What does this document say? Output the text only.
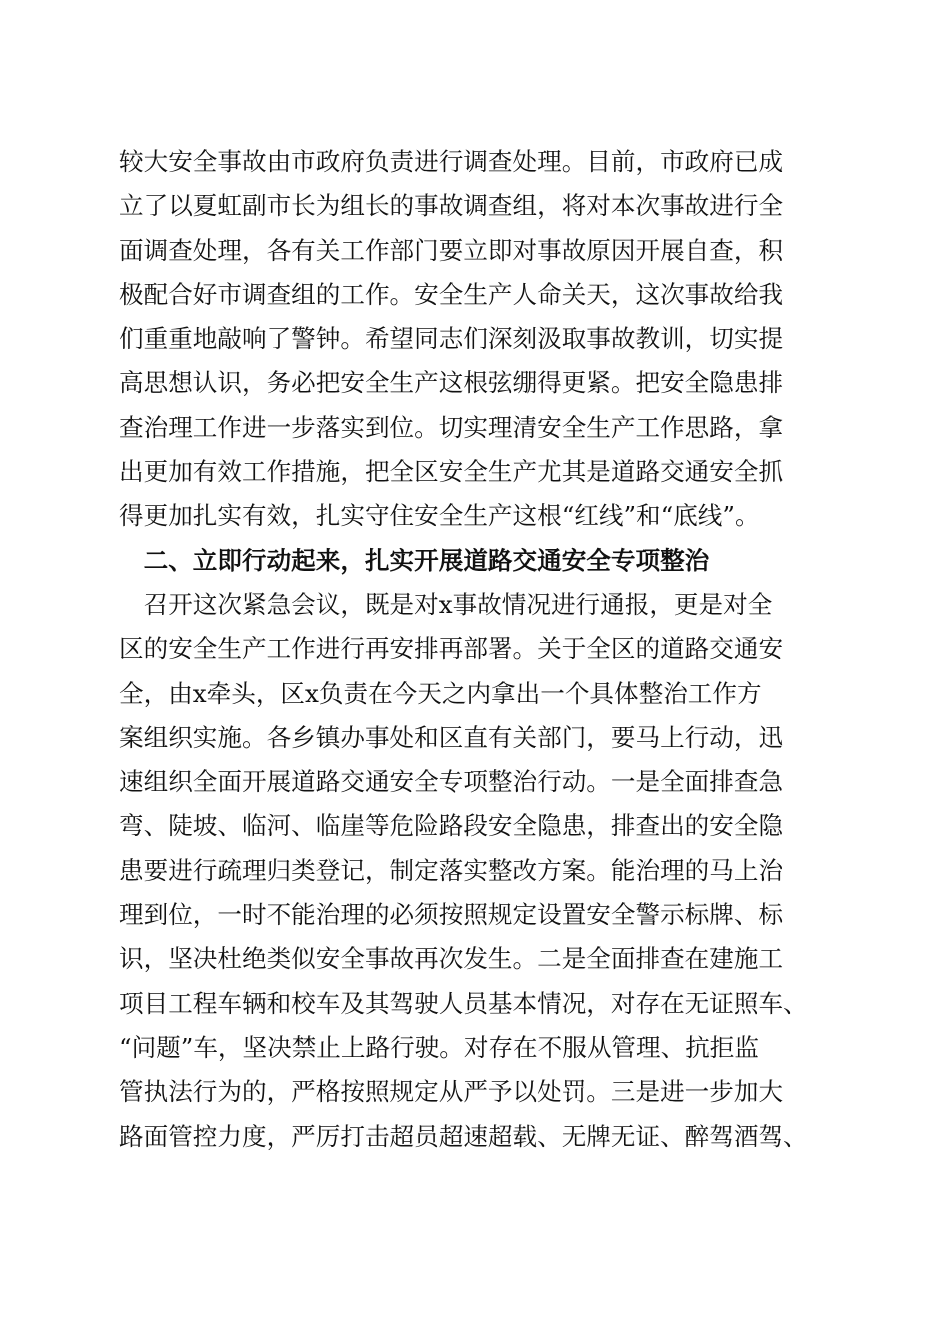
较大安全事故由市政府负责进行调查处理。目前，市政府已成
立了以夏虹副市长为组长的事故调查组，将对本次事故进行全
面调查处理，各有关工作部门要立即对事故原因开展自查，积
极配合好市调查组的工作。安全生产人命关天，这次事故给我
们重重地敲响了警钟。希望同志们深刻汲取事故教训，切实提
高思想认识，务必把安全生产这根弦绷得更紧。把安全隐患排
查治理工作进一步落实到位。切实理清安全生产工作思路，拿
出更加有效工作措施，把全区安全生产尤其是道路交通安全抓
得更加扎实有效，扎实守住安全生产这根“红线”和“底线”。
　二、立即行动起来，扎实开展道路交通安全专项整治
　召开这次紧急会议，既是对x事故情况进行通报，更是对全
区的安全生产工作进行再安排再部署。关于全区的道路交通安
全，由x牵头，区x负责在今天之内拿出一个具体整治工作方
案组织实施。各乡镇办事处和区直有关部门，要马上行动，迅
速组织全面开展道路交通安全专项整治行动。一是全面排查急
弯、陡坡、临河、临崖等危险路段安全隐患，排查出的安全隐
患要进行疏理归类登记，制定落实整改方案。能治理的马上治
理到位，一时不能治理的必须按照规定设置安全警示标牌、标
识，坚决杜绝类似安全事故再次发生。二是全面排查在建施工
项目工程车辆和校车及其驾驶人员基本情况，对存在无证照车、
“问题”车，坚决禁止上路行驶。对存在不服从管理、抗拒监
管执法行为的，严格按照规定从严予以处罚。三是进一步加大
路面管控力度，严厉打击超员超速超载、无牌无证、醉驾酒驾、
